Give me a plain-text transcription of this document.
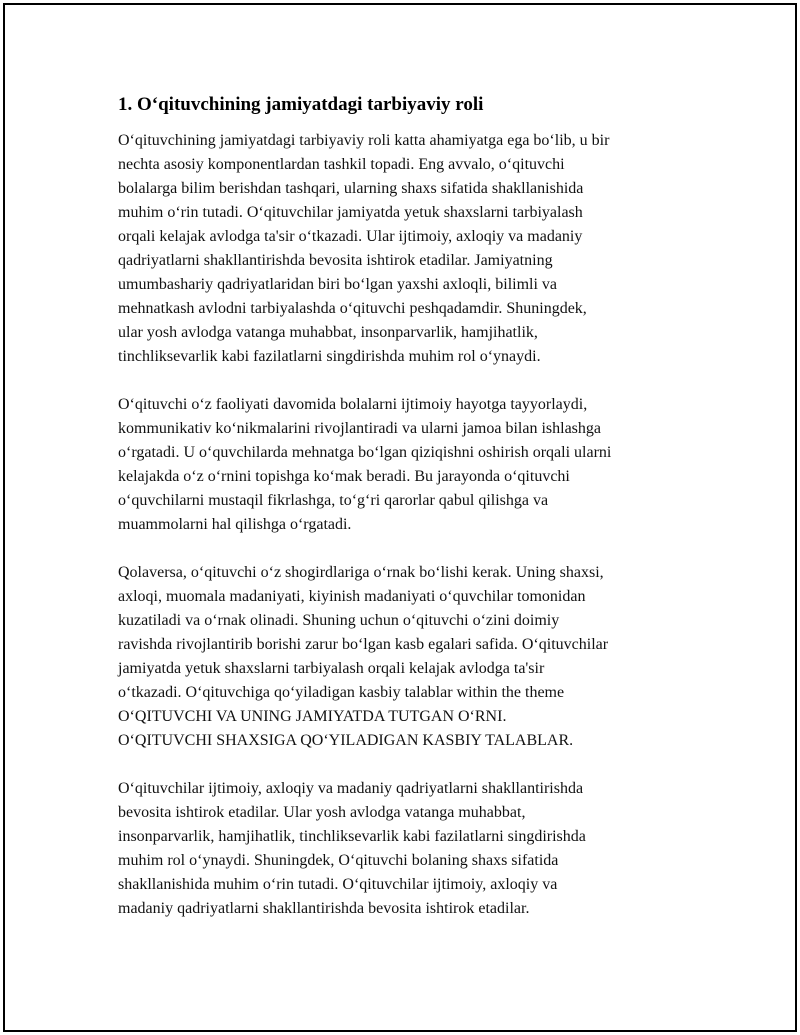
1. O‘qituvchining jamiyatdagi tarbiyaviy roli

O‘qituvchining jamiyatdagi tarbiyaviy roli katta ahamiyatga ega bo‘lib, u bir
nechta asosiy komponentlardan tashkil topadi. Eng avvalo, o‘qituvchi
bolalarga bilim berishdan tashqari, ularning shaxs sifatida shakllanishida
muhim o‘rin tutadi. O‘qituvchilar jamiyatda yetuk shaxslarni tarbiyalash
orqali kelajak avlodga ta'sir o‘tkazadi. Ular ijtimoiy, axloqiy va madaniy
qadriyatlarni shakllantirishda bevosita ishtirok etadilar. Jamiyatning
umumbashariy qadriyatlaridan biri bo‘lgan yaxshi axloqli, bilimli va
mehnatkash avlodni tarbiyalashda o‘qituvchi peshqadamdir. Shuningdek,
ular yosh avlodga vatanga muhabbat, insonparvarlik, hamjihatlik,
tinchliksevarlik kabi fazilatlarni singdirishda muhim rol o‘ynaydi.

O‘qituvchi o‘z faoliyati davomida bolalarni ijtimoiy hayotga tayyorlaydi,
kommunikativ ko‘nikmalarini rivojlantiradi va ularni jamoa bilan ishlashga
o‘rgatadi. U o‘quvchilarda mehnatga bo‘lgan qiziqishni oshirish orqali ularni
kelajakda o‘z o‘rnini topishga ko‘mak beradi. Bu jarayonda o‘qituvchi
o‘quvchilarni mustaqil fikrlashga, to‘g‘ri qarorlar qabul qilishga va
muammolarni hal qilishga o‘rgatadi.

Qolaversa, o‘qituvchi o‘z shogirdlariga o‘rnak bo‘lishi kerak. Uning shaxsi,
axloqi, muomala madaniyati, kiyinish madaniyati o‘quvchilar tomonidan
kuzatiladi va o‘rnak olinadi. Shuning uchun o‘qituvchi o‘zini doimiy
ravishda rivojlantirib borishi zarur bo‘lgan kasb egalari safida. O‘qituvchilar
jamiyatda yetuk shaxslarni tarbiyalash orqali kelajak avlodga ta'sir
o‘tkazadi. O‘qituvchiga qo‘yiladigan kasbiy talablar within the theme
O‘QITUVCHI VA UNING JAMIYATDA TUTGAN O‘RNI.
O‘QITUVCHI SHAXSIGA QO‘YILADIGAN KASBIY TALABLAR.

O‘qituvchilar ijtimoiy, axloqiy va madaniy qadriyatlarni shakllantirishda
bevosita ishtirok etadilar. Ular yosh avlodga vatanga muhabbat,
insonparvarlik, hamjihatlik, tinchliksevarlik kabi fazilatlarni singdirishda
muhim rol o‘ynaydi. Shuningdek, O‘qituvchi bolaning shaxs sifatida
shakllanishida muhim o‘rin tutadi. O‘qituvchilar ijtimoiy, axloqiy va
madaniy qadriyatlarni shakllantirishda bevosita ishtirok etadilar.
